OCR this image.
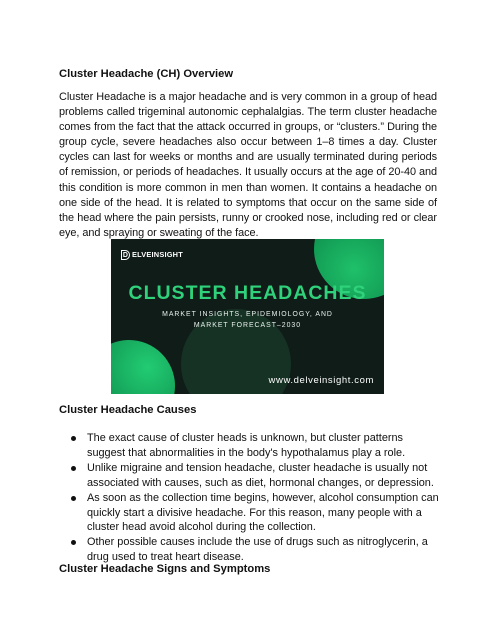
Cluster Headache (CH) Overview

Cluster Headache is a major headache and is very common in a group of head problems called trigeminal autonomic cephalalgias. The term cluster headache comes from the fact that the attack occurred in groups, or “clusters.” During the group cycle, severe headaches also occur between 1–8 times a day. Cluster cycles can last for weeks or months and are usually terminated during periods of remission, or periods of headaches. It usually occurs at the age of 20-40 and this condition is more common in men than women. It contains a headache on one side of the head. It is related to symptoms that occur on the same side of the head where the pain persists, runny or crooked nose, including red or clear eye, and spraying or sweating of the face.

D ELVEINSIGHT
CLUSTER HEADACHES
MARKET INSIGHTS, EPIDEMIOLOGY, AND
MARKET FORECAST–2030
www.delveinsight.com

Cluster Headache Causes

The exact cause of cluster heads is unknown, but cluster patterns suggest that abnormalities in the body's hypothalamus play a role.
Unlike migraine and tension headache, cluster headache is usually not associated with causes, such as diet, hormonal changes, or depression.
As soon as the collection time begins, however, alcohol consumption can quickly start a divisive headache. For this reason, many people with a cluster head avoid alcohol during the collection.
Other possible causes include the use of drugs such as nitroglycerin, a drug used to treat heart disease.

Cluster Headache Signs and Symptoms
